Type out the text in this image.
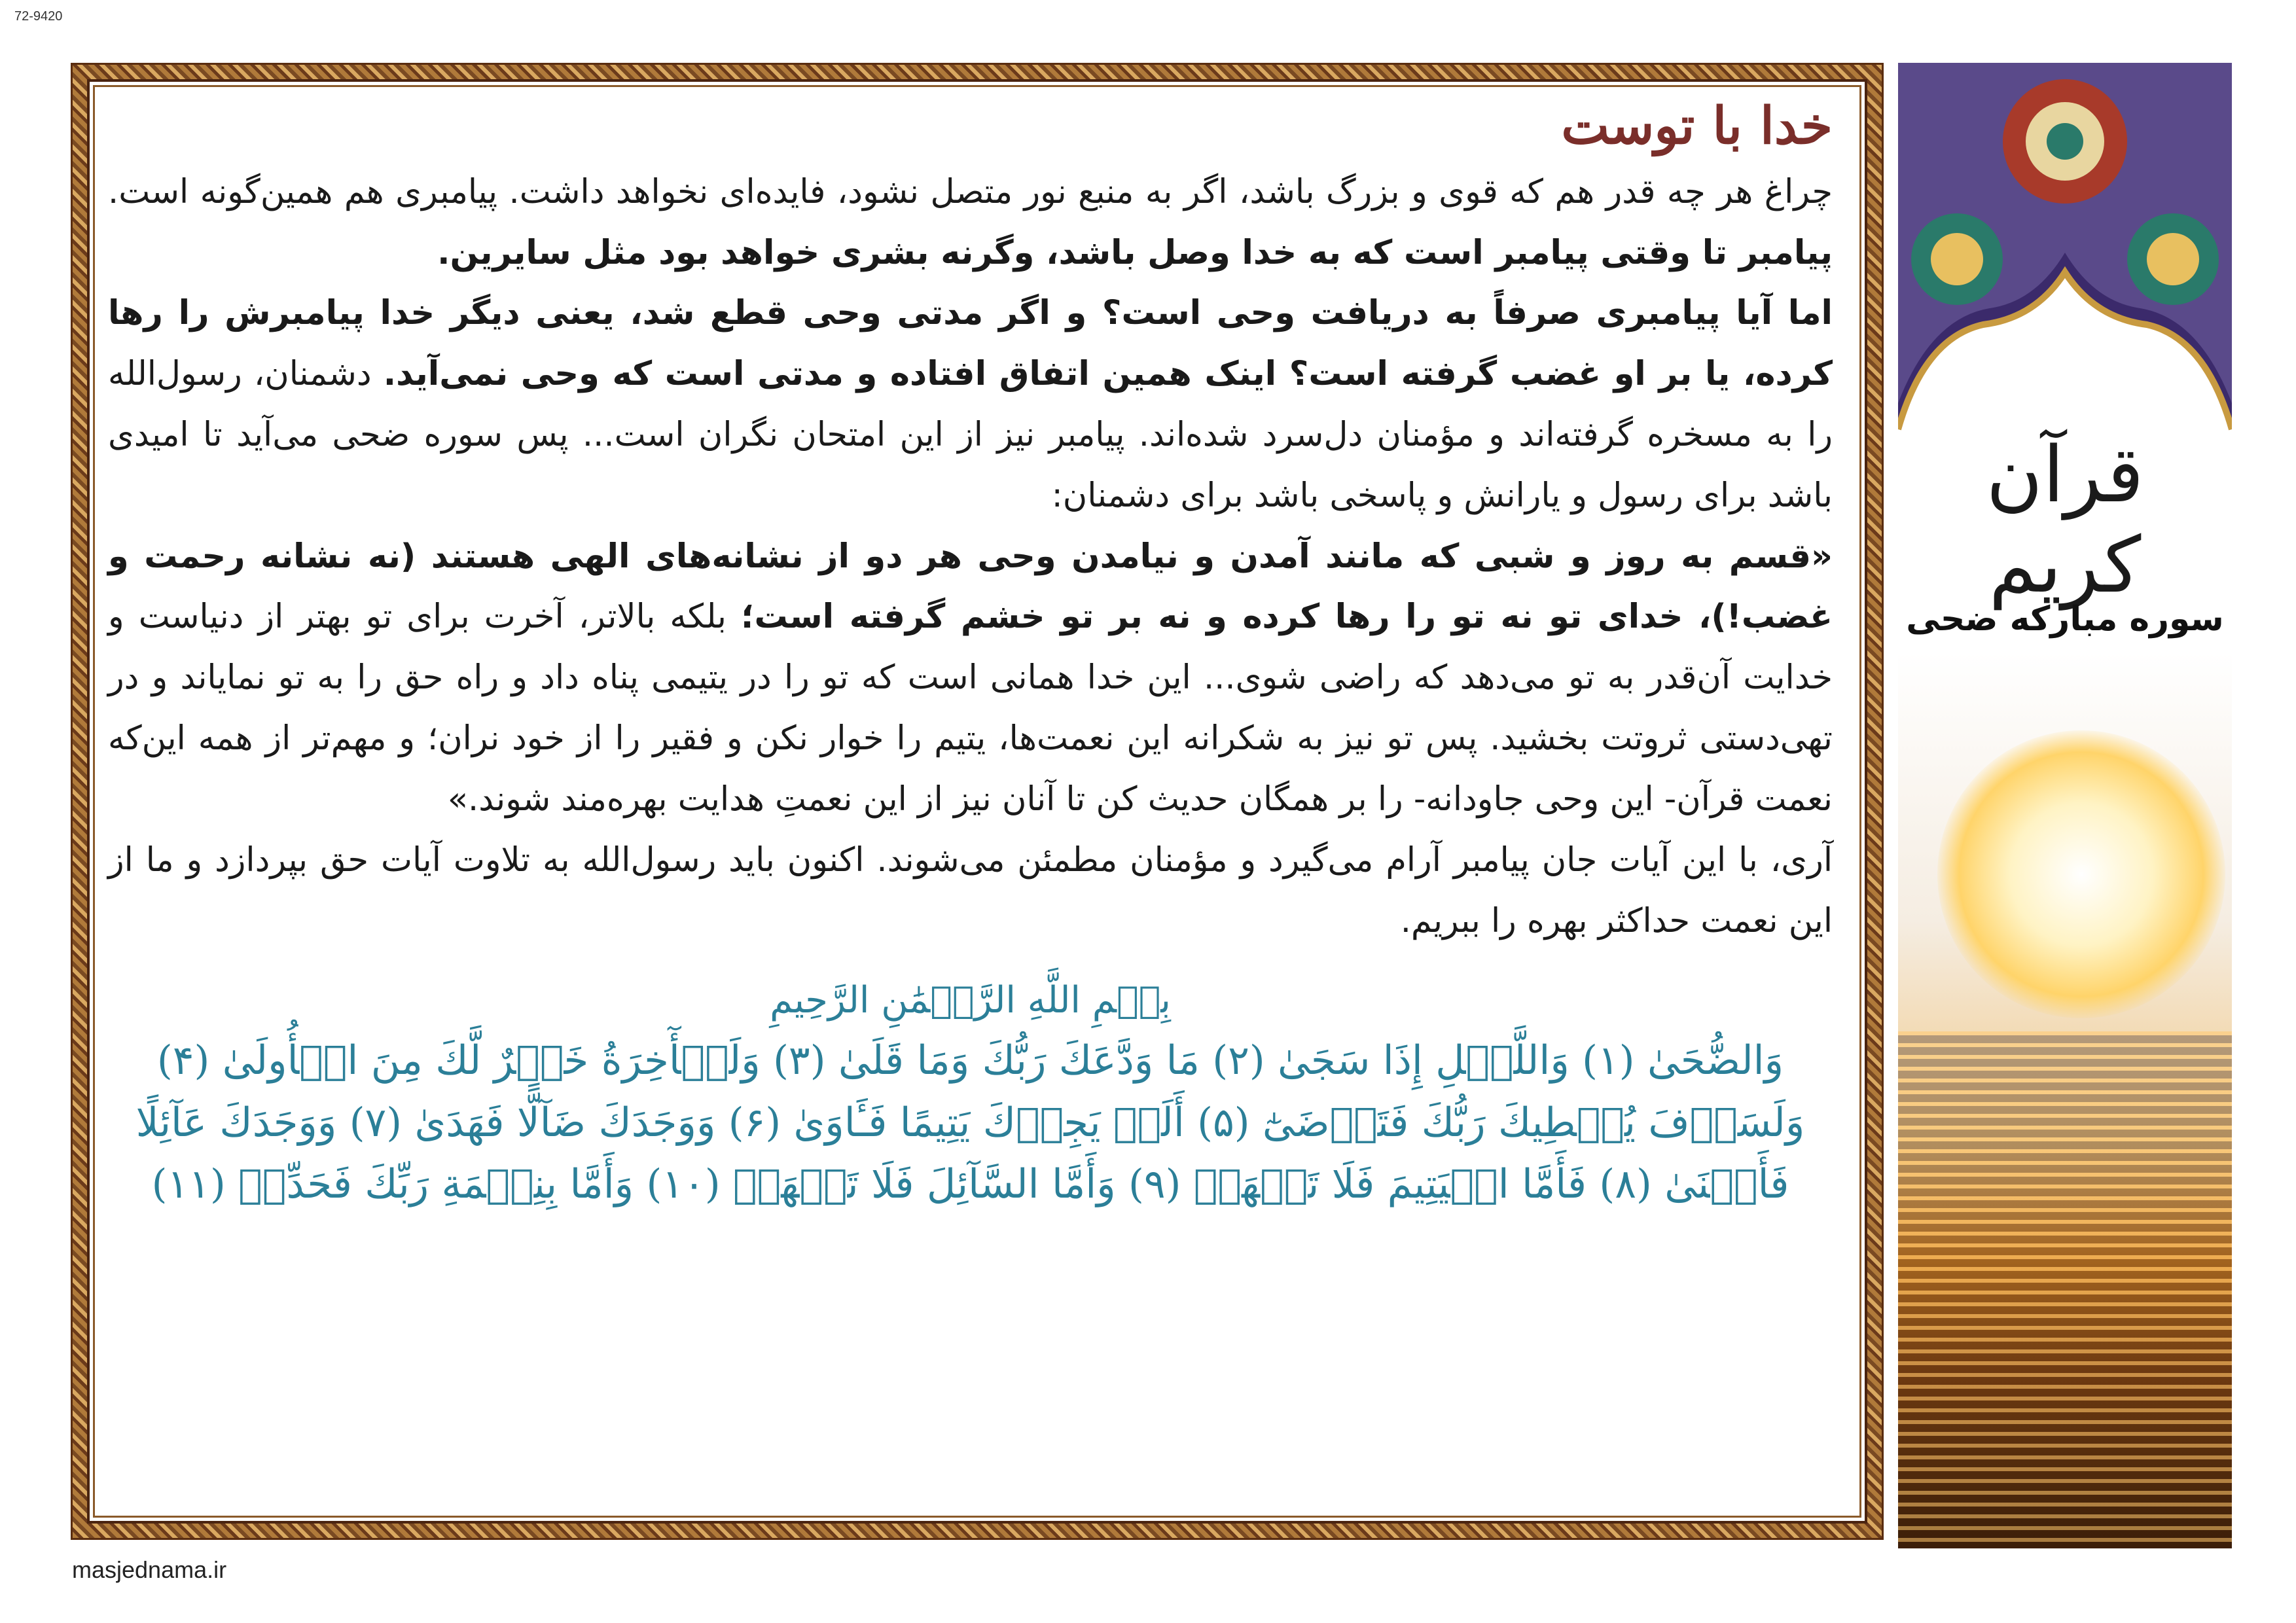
72-9420
خدا با توست

چراغ هر چه قدر هم که قوی و بزرگ باشد، اگر به منبع نور متصل نشود، فایده‌ای نخواهد داشت. پیامبری هم همین‌گونه است. پیامبر تا وقتی پیامبر است که به خدا وصل باشد، وگرنه بشری خواهد بود مثل سایرین.

اما آیا پیامبری صرفاً به دریافت وحی است؟ و اگر مدتی وحی قطع شد، یعنی دیگر خدا پیامبرش را رها کرده، یا بر او غضب گرفته است؟ اینک همین اتفاق افتاده و مدتی است که وحی نمی‌آید. دشمنان، رسول‌الله را به مسخره گرفته‌اند و مؤمنان دل‌سرد شده‌اند. پیامبر نیز از این امتحان نگران است... پس سوره ضحی می‌آید تا امیدی باشد برای رسول و یارانش و پاسخی باشد برای دشمنان:

«قسم به روز و شبی که مانند آمدن و نیامدن وحی هر دو از نشانه‌های الهی هستند (نه نشانه رحمت و غضب!)، خدای تو نه تو را رها کرده و نه بر تو خشم گرفته است؛ بلکه بالاتر، آخرت برای تو بهتر از دنیاست و خدایت آن‌قدر به تو می‌دهد که راضی شوی... این خدا همانی است که تو را در یتیمی پناه داد و راه حق را به تو نمایاند و در تهی‌دستی ثروتت بخشید. پس تو نیز به شکرانه این نعمت‌ها، یتیم را خوار نکن و فقیر را از خود نران؛ و مهم‌تر از همه این‌که نعمت قرآن- این وحی جاودانه- را بر همگان حدیث کن تا آنان نیز از این نعمتِ هدایت بهره‌مند شوند.»

آری، با این آیات جان پیامبر آرام می‌گیرد و مؤمنان مطمئن می‌شوند. اکنون باید رسول‌الله به تلاوت آیات حق بپردازد و ما از این نعمت حداکثر بهره را ببریم.

بِسۡمِ اللَّهِ الرَّحۡمَٰنِ الرَّحِيمِ
وَالضُّحَىٰ (۱) وَاللَّيۡلِ إِذَا سَجَىٰ (۲) مَا وَدَّعَكَ رَبُّكَ وَمَا قَلَىٰ (۳) وَلَلۡأٓخِرَةُ خَيۡرٌ لَّكَ مِنَ الۡأُولَىٰ (۴) وَلَسَوۡفَ يُعۡطِيكَ رَبُّكَ فَتَرۡضَىٰٓ (۵) أَلَمۡ يَجِدۡكَ يَتِيمًا فَـَٔاوَىٰ (۶) وَوَجَدَكَ ضَآلًّا فَهَدَىٰ (۷) وَوَجَدَكَ عَآئِلًا فَأَغۡنَىٰ (۸) فَأَمَّا الۡيَتِيمَ فَلَا تَقۡهَرۡ (۹) وَأَمَّا السَّآئِلَ فَلَا تَنۡهَرۡ (۱۰) وَأَمَّا بِنِعۡمَةِ رَبِّكَ فَحَدِّثۡ (۱۱)
قرآن کریم
سوره مبارکه ضحی
masjednama.ir
